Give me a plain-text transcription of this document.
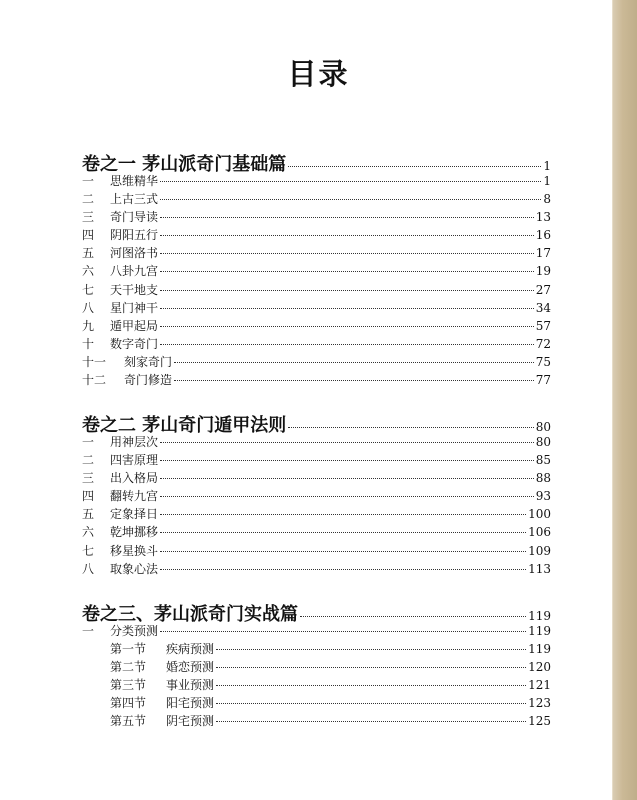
目录
卷之一 茅山派奇门基础篇	1
一	思维精华	1
二	上古三式	8
三	奇门导读	13
四	阴阳五行	16
五	河图洛书	17
六	八卦九宫	19
七	天干地支	27
八	星门神干	34
九	遁甲起局	57
十	数字奇门	72
十一	刻家奇门	75
十二	奇门修造	77
卷之二 茅山奇门遁甲法则	80
一	用神层次	80
二	四害原理	85
三	出入格局	88
四	翻转九宫	93
五	定象择日	100
六	乾坤挪移	106
七	移星换斗	109
八	取象心法	113
卷之三、茅山派奇门实战篇	119
一	分类预测	119
第一节	疾病预测	119
第二节	婚恋预测	120
第三节	事业预测	121
第四节	阳宅预测	123
第五节	阴宅预测	125
